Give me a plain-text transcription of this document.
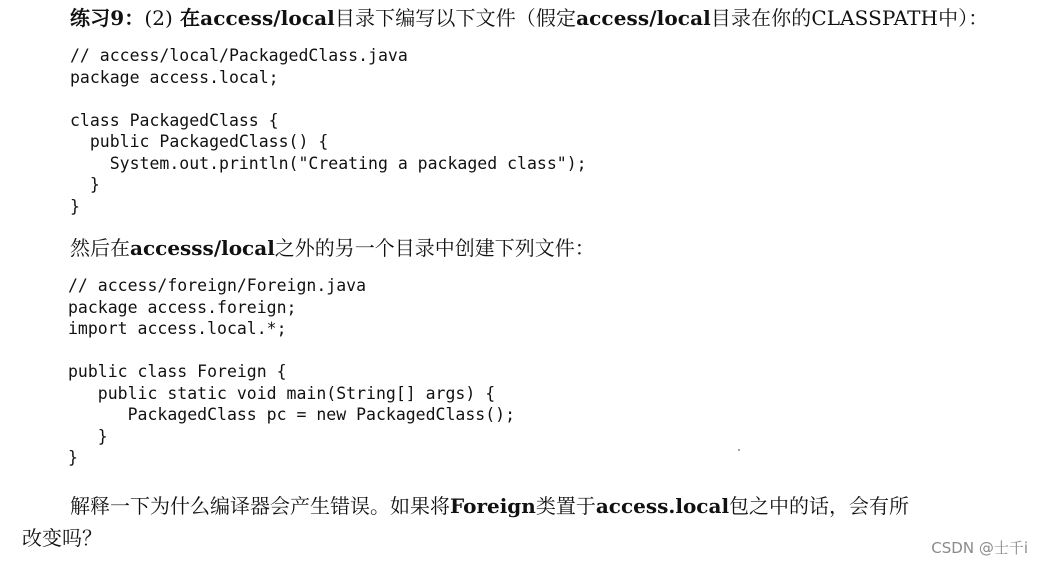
练习9：(2) 在access/local目录下编写以下文件（假定access/local目录在你的CLASSPATH中）：
// access/local/PackagedClass.java
package access.local;
class PackagedClass {
public PackagedClass() {
System.out.println("Creating a packaged class");
}
}
然后在accesss/local之外的另一个目录中创建下列文件：
// access/foreign/Foreign.java
package access.foreign;
import access.local.*;
public class Foreign {
public static void main(String[] args) {
PackagedClass pc = new PackagedClass();
}
}
解释一下为什么编译器会产生错误。如果将Foreign类置于access.local包之中的话，会有所
改变吗？	CSDN @士千i
